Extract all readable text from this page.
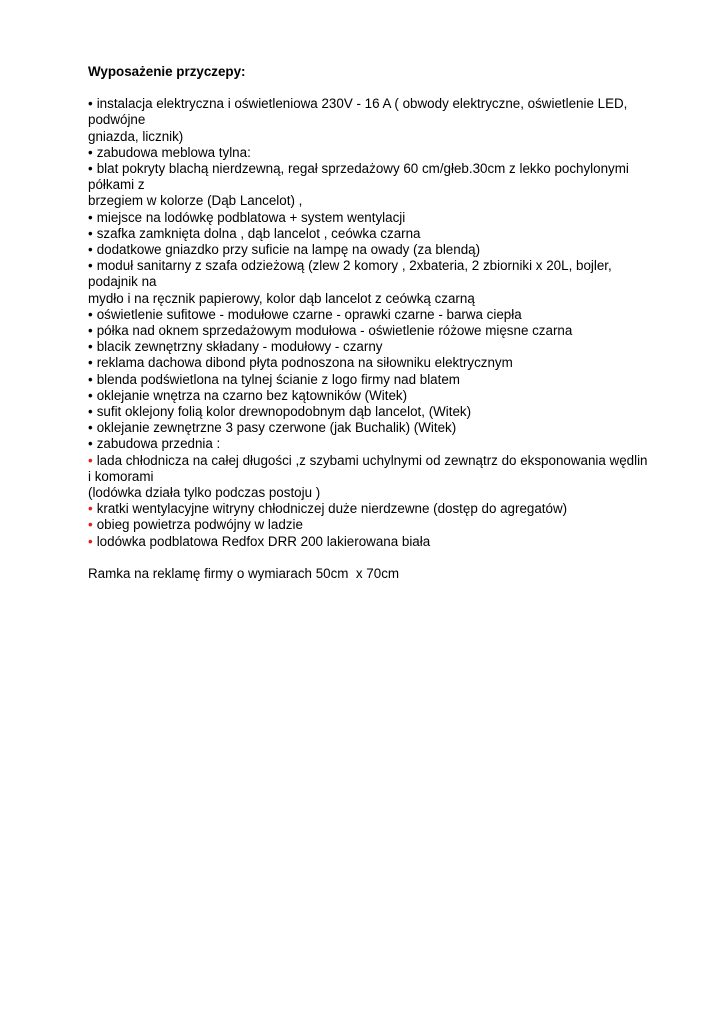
Wyposażenie przyczepy:
• instalacja elektryczna i oświetleniowa 230V - 16 A ( obwody elektryczne, oświetlenie LED, podwójne
gniazda, licznik)
• zabudowa meblowa tylna:
• blat pokryty blachą nierdzewną, regał sprzedażowy 60 cm/głeb.30cm z lekko pochylonymi półkami z
brzegiem w kolorze (Dąb Lancelot) ,
• miejsce na lodówkę podblatowa + system wentylacji
• szafka zamknięta dolna , dąb lancelot , ceówka czarna
• dodatkowe gniazdko przy suficie na lampę na owady (za blendą)
• moduł sanitarny z szafa odzieżową (zlew 2 komory , 2xbateria, 2 zbiorniki x 20L, bojler, podajnik na
mydło i na ręcznik papierowy, kolor dąb lancelot z ceówką czarną
• oświetlenie sufitowe - modułowe czarne - oprawki czarne - barwa ciepła
• półka nad oknem sprzedażowym modułowa - oświetlenie różowe mięsne czarna
• blacik zewnętrzny składany - modułowy - czarny
• reklama dachowa dibond płyta podnoszona na siłowniku elektrycznym
• blenda podświetlona na tylnej ścianie z logo firmy nad blatem
• oklejanie wnętrza na czarno bez kątowników (Witek)
• sufit oklejony folią kolor drewnopodobnym dąb lancelot, (Witek)
• oklejanie zewnętrzne 3 pasy czerwone (jak Buchalik) (Witek)
• zabudowa przednia :
• lada chłodnicza na całej długości ,z szybami uchylnymi od zewnątrz do eksponowania wędlin i komorami
(lodówka działa tylko podczas postoju )
• kratki wentylacyjne witryny chłodniczej duże nierdzewne (dostęp do agregatów)
• obieg powietrza podwójny w ladzie
• lodówka podblatowa Redfox DRR 200 lakierowana biała
Ramka na reklamę firmy o wymiarach 50cm  x 70cm
